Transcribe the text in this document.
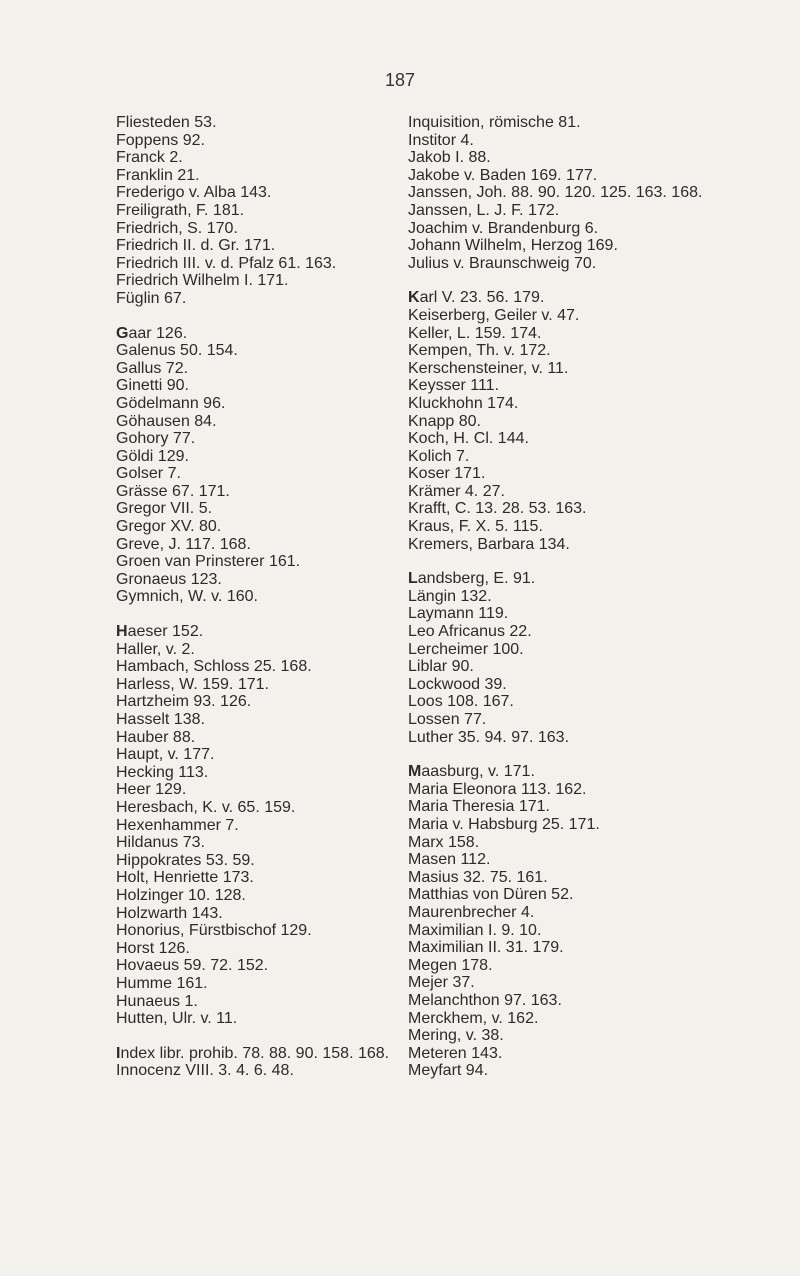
187
Fliesteden 53.
Foppens 92.
Franck 2.
Franklin 21.
Frederigo v. Alba 143.
Freiligrath, F. 181.
Friedrich, S. 170.
Friedrich II. d. Gr. 171.
Friedrich III. v. d. Pfalz 61. 163.
Friedrich Wilhelm I. 171.
Füglin 67.
Gaar 126.
Galenus 50. 154.
Gallus 72.
Ginetti 90.
Gödelmann 96.
Göhausen 84.
Gohory 77.
Göldi 129.
Golser 7.
Grässe 67. 171.
Gregor VII. 5.
Gregor XV. 80.
Greve, J. 117. 168.
Groen van Prinsterer 161.
Gronaeus 123.
Gymnich, W. v. 160.
Haeser 152.
Haller, v. 2.
Hambach, Schloss 25. 168.
Harless, W. 159. 171.
Hartzheim 93. 126.
Hasselt 138.
Hauber 88.
Haupt, v. 177.
Hecking 113.
Heer 129.
Heresbach, K. v. 65. 159.
Hexenhammer 7.
Hildanus 73.
Hippokrates 53. 59.
Holt, Henriette 173.
Holzinger 10. 128.
Holzwarth 143.
Honorius, Fürstbischof 129.
Horst 126.
Hovaeus 59. 72. 152.
Humme 161.
Hunaeus 1.
Hutten, Ulr. v. 11.
Index libr. prohib. 78. 88. 90. 158. 168.
Innocenz VIII. 3. 4. 6. 48.
Inquisition, römische 81.
Institor 4.
Jakob I. 88.
Jakobe v. Baden 169. 177.
Janssen, Joh. 88. 90. 120. 125. 163. 168.
Janssen, L. J. F. 172.
Joachim v. Brandenburg 6.
Johann Wilhelm, Herzog 169.
Julius v. Braunschweig 70.
Karl V. 23. 56. 179.
Keiserberg, Geiler v. 47.
Keller, L. 159. 174.
Kempen, Th. v. 172.
Kerschensteiner, v. 11.
Keysser 111.
Kluckhohn 174.
Knapp 80.
Koch, H. Cl. 144.
Kolich 7.
Koser 171.
Krämer 4. 27.
Krafft, C. 13. 28. 53. 163.
Kraus, F. X. 5. 115.
Kremers, Barbara 134.
Landsberg, E. 91.
Längin 132.
Laymann 119.
Leo Africanus 22.
Lercheimer 100.
Liblar 90.
Lockwood 39.
Loos 108. 167.
Lossen 77.
Luther 35. 94. 97. 163.
Maasburg, v. 171.
Maria Eleonora 113. 162.
Maria Theresia 171.
Maria v. Habsburg 25. 171.
Marx 158.
Masen 112.
Masius 32. 75. 161.
Matthias von Düren 52.
Maurenbrecher 4.
Maximilian I. 9. 10.
Maximilian II. 31. 179.
Megen 178.
Mejer 37.
Melanchthon 97. 163.
Merckhem, v. 162.
Mering, v. 38.
Meteren 143.
Meyfart 94.
